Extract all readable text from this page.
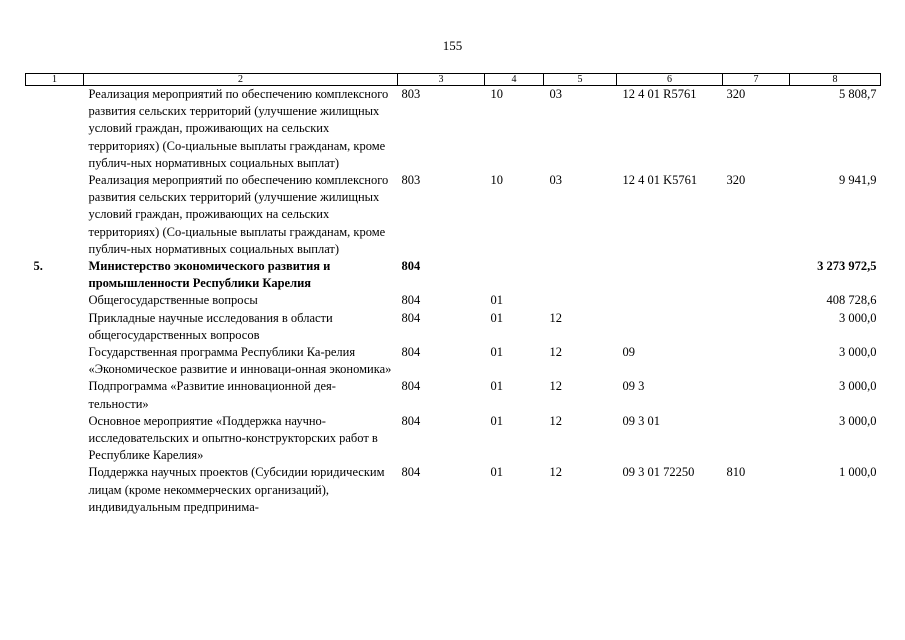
155
1	2	3	4	5	6	7	8
	Реализация мероприятий по обеспечению комплексного развития сельских территорий (улучшение жилищных условий граждан, проживающих на сельских территориях) (Со-циальные выплаты гражданам, кроме публич-ных нормативных социальных выплат)	803	10	03	12 4 01 R5761	320	5 808,7
	Реализация мероприятий по обеспечению комплексного развития сельских территорий (улучшение жилищных условий граждан, проживающих на сельских территориях) (Со-циальные выплаты гражданам, кроме публич-ных нормативных социальных выплат)	803	10	03	12 4 01 K5761	320	9 941,9
5.	Министерство экономического развития и промышленности Республики Карелия	804					3 273 972,5
	Общегосударственные вопросы	804	01				408 728,6
	Прикладные научные исследования в области общегосударственных вопросов	804	01	12			3 000,0
	Государственная программа Республики Ка-релия «Экономическое развитие и инноваци-онная экономика»	804	01	12	09		3 000,0
	Подпрограмма «Развитие инновационной дея-тельности»	804	01	12	09 3		3 000,0
	Основное мероприятие «Поддержка научно-исследовательских и опытно-конструкторских работ в Республике Карелия»	804	01	12	09 3 01		3 000,0
	Поддержка научных проектов (Субсидии юридическим лицам (кроме некоммерческих организаций), индивидуальным предпринима-	804	01	12	09 3 01 72250	810	1 000,0
